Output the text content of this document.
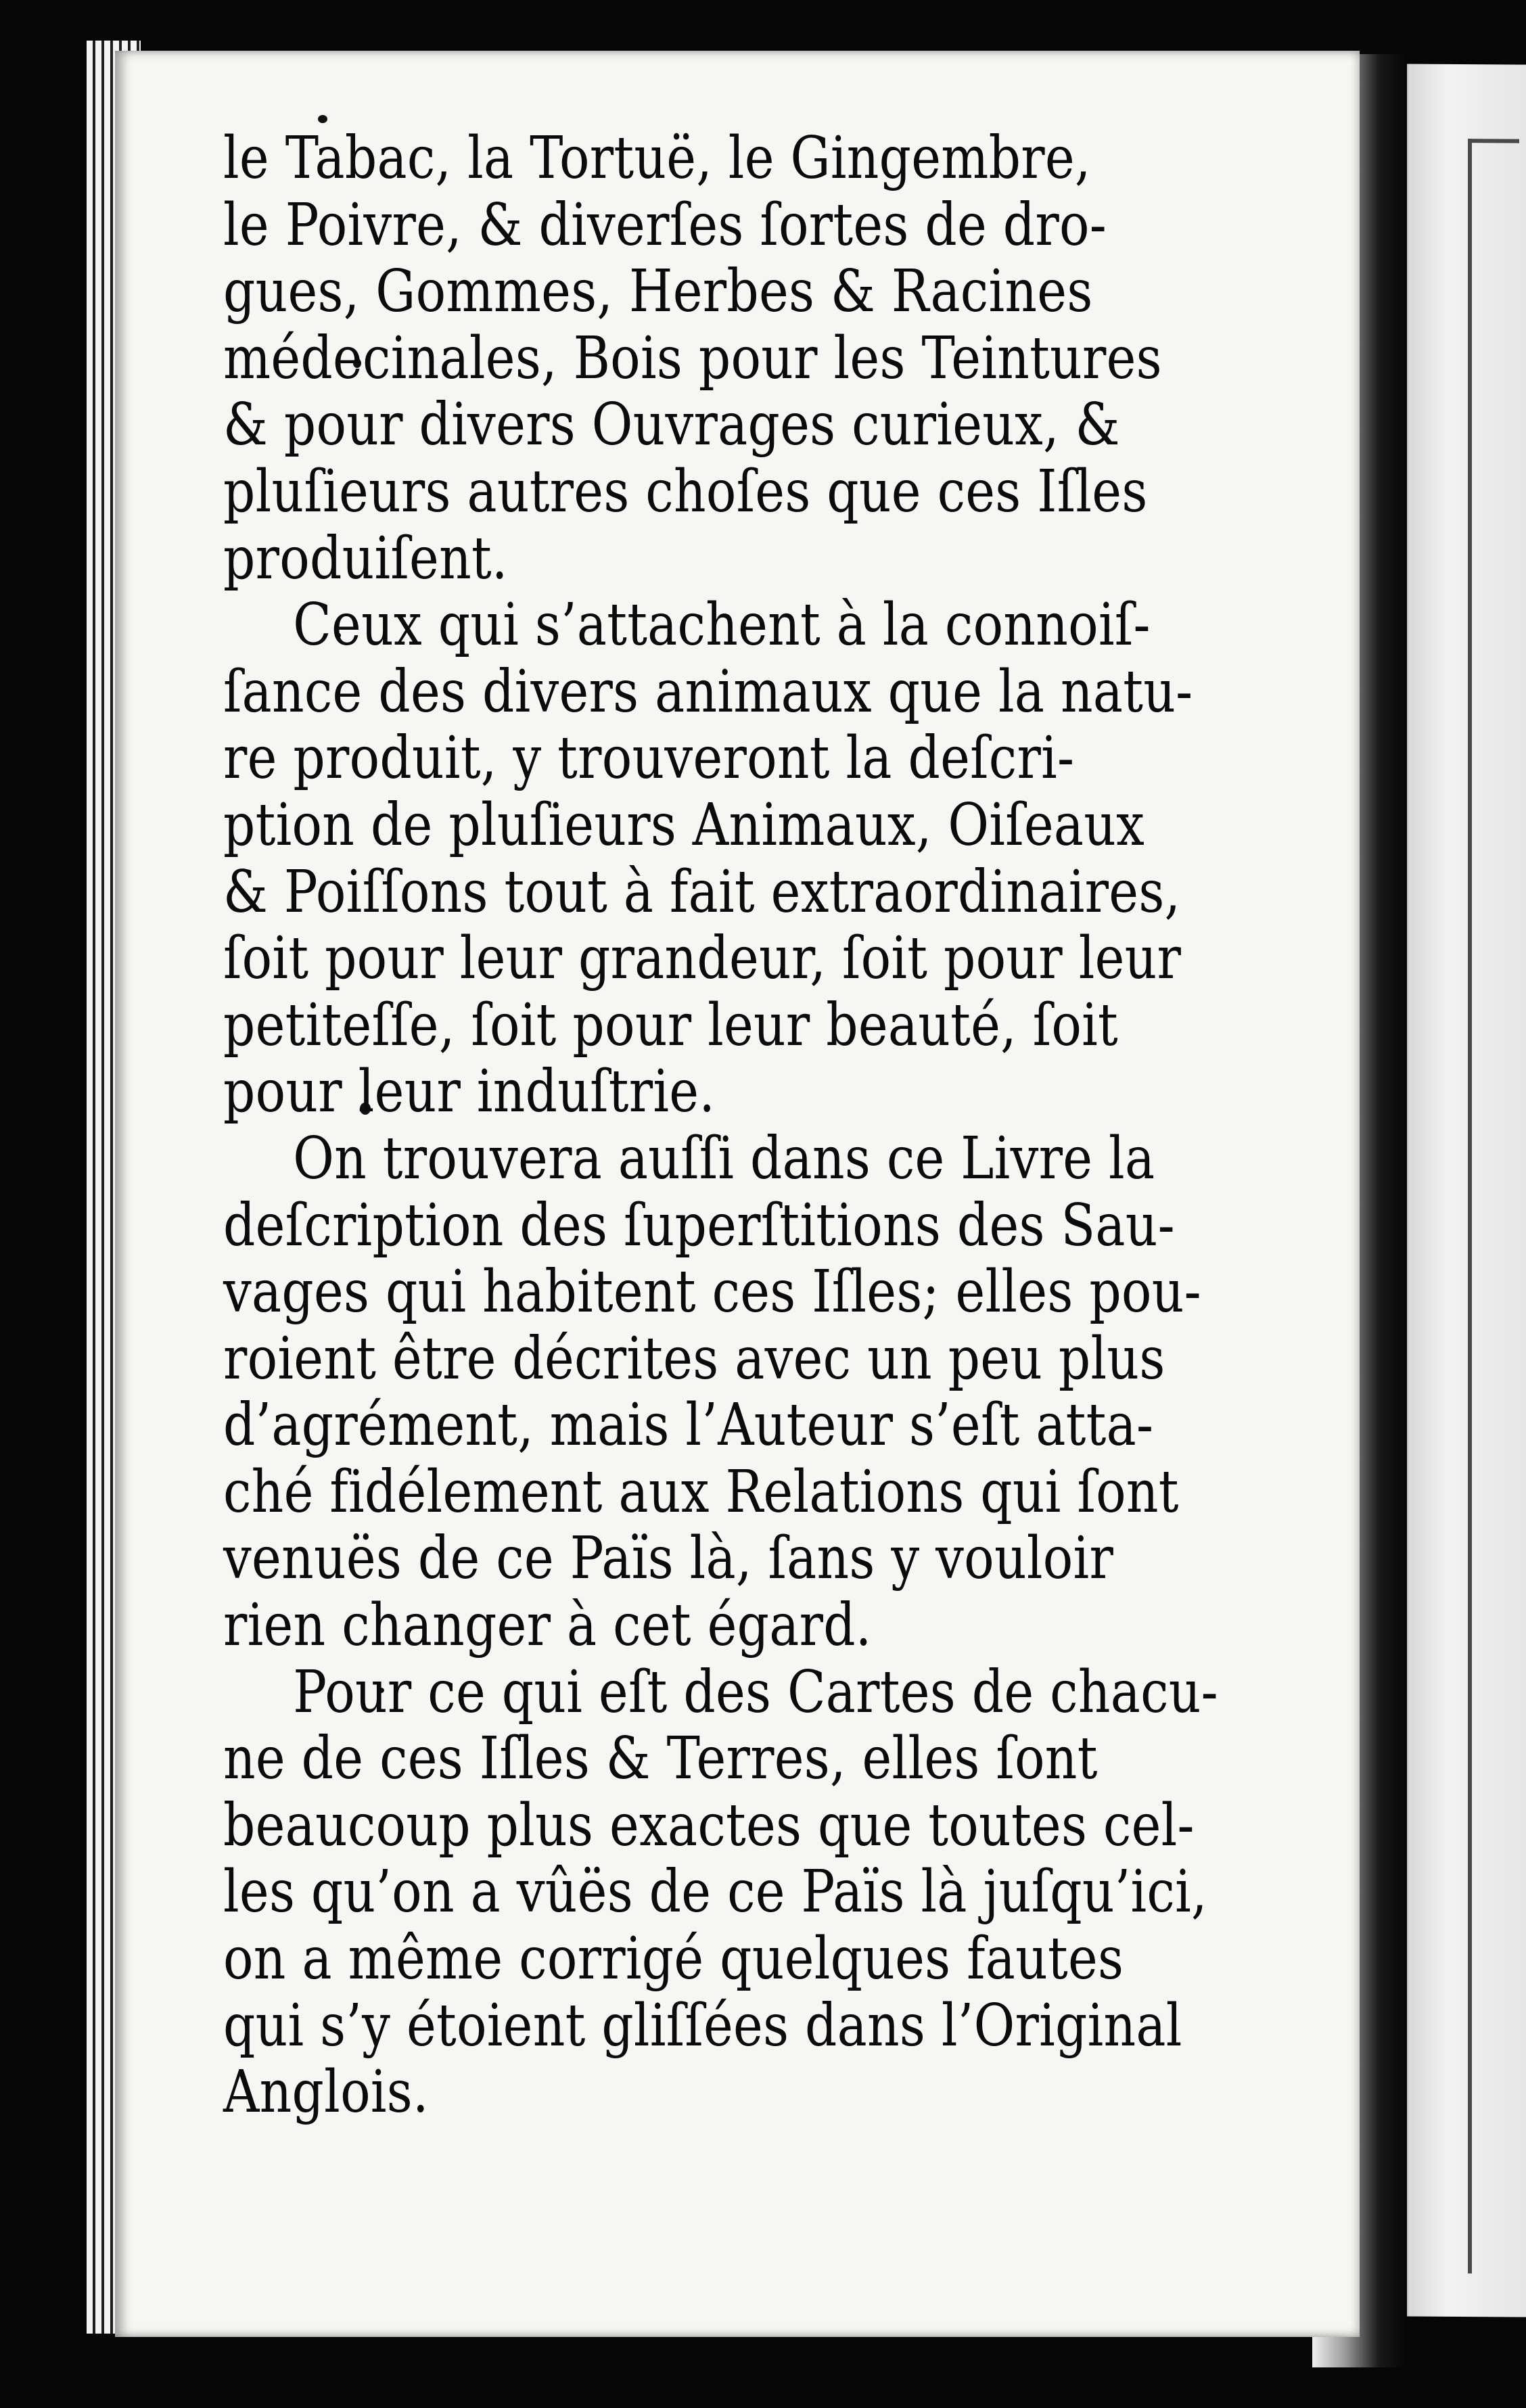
le Tabac, la Tortuë, le Gingembre,
le Poivre, & diverſes ſortes de dro-
gues, Gommes, Herbes & Racines
médecinales, Bois pour les Teintures
& pour divers Ouvrages curieux, &
pluſieurs autres choſes que ces Iſles
produiſent.
Ceux qui s’attachent à la connoiſ-
ſance des divers animaux que la natu-
re produit, y trouveront la deſcri-
ption de pluſieurs Animaux, Oiſeaux
& Poiſſons tout à fait extraordinaires,
ſoit pour leur grandeur, ſoit pour leur
petiteſſe, ſoit pour leur beauté, ſoit
pour leur induſtrie.
On trouvera auſſi dans ce Livre la
deſcription des ſuperſtitions des Sau-
vages qui habitent ces Iſles; elles pou-
roient être décrites avec un peu plus
d’agrément, mais l’Auteur s’eſt atta-
ché fidélement aux Relations qui ſont
venuës de ce Païs là, ſans y vouloir
rien changer à cet égard.
Pour ce qui eſt des Cartes de chacu-
ne de ces Iſles & Terres, elles ſont
beaucoup plus exactes que toutes cel-
les qu’on a vûës de ce Païs là juſqu’ici,
on a même corrigé quelques fautes
qui s’y étoient gliſſées dans l’Original
Anglois.
